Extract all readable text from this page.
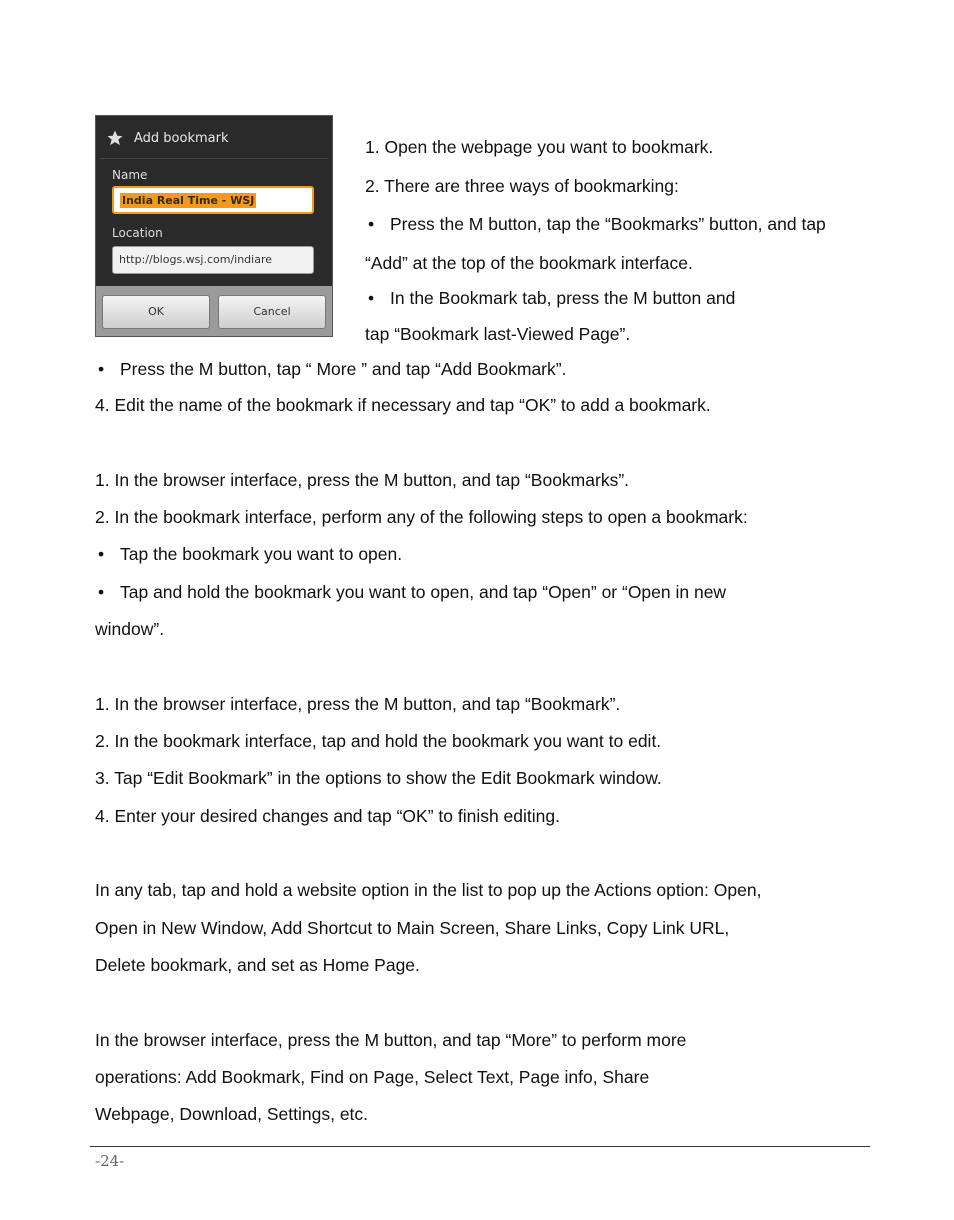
Add bookmark
Name
India Real Time - WSJ
Location
http://blogs.wsj.com/indiare
OK	Cancel
1. Open the webpage you want to bookmark.
2. There are three ways of bookmarking:
• Press the M button, tap the “Bookmarks” button, and tap
“Add” at the top of the bookmark interface.
• In the Bookmark tab, press the M button and
tap “Bookmark last-Viewed Page”.
• Press the M button, tap “ More ” and tap “Add Bookmark”.
4. Edit the name of the bookmark if necessary and tap “OK” to add a bookmark.
1. In the browser interface, press the M button, and tap “Bookmarks”.
2. In the bookmark interface, perform any of the following steps to open a bookmark:
• Tap the bookmark you want to open.
• Tap and hold the bookmark you want to open, and tap “Open” or “Open in new
window”.
1. In the browser interface, press the M button, and tap “Bookmark”.
2. In the bookmark interface, tap and hold the bookmark you want to edit.
3. Tap “Edit Bookmark” in the options to show the Edit Bookmark window.
4. Enter your desired changes and tap “OK” to finish editing.
In any tab, tap and hold a website option in the list to pop up the Actions option: Open,
Open in New Window, Add Shortcut to Main Screen, Share Links, Copy Link URL,
Delete bookmark, and set as Home Page.
In the browser interface, press the M button, and tap “More” to perform more
operations: Add Bookmark, Find on Page, Select Text, Page info, Share
Webpage, Download, Settings, etc.
-24-
